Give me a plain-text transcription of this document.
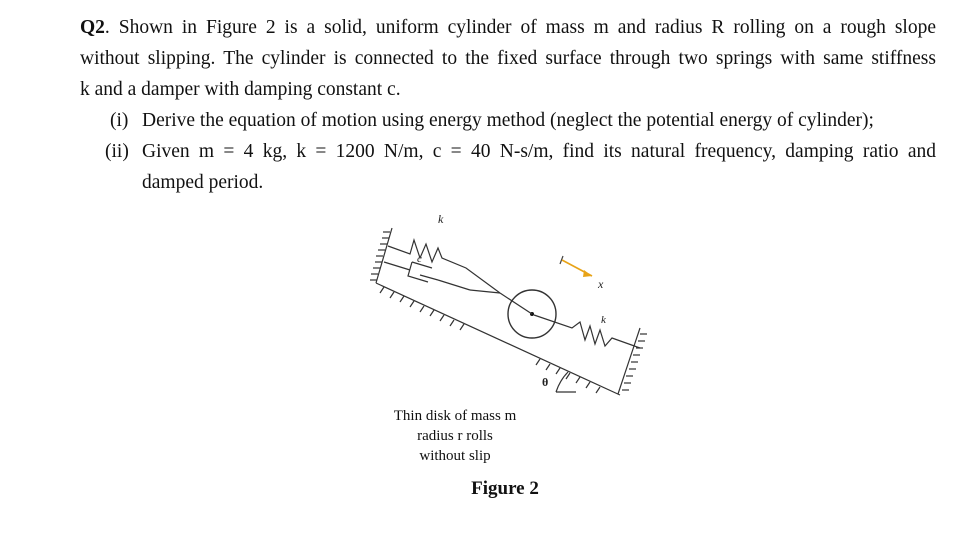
Q2. Shown in Figure 2 is a solid, uniform cylinder of mass m and radius R rolling on a rough slope
without slipping. The cylinder is connected to the fixed surface through two springs with same stiffness
k and a damper with damping constant c.
(i) Derive the equation of motion using energy method (neglect the potential energy of cylinder);
(ii) Given m = 4 kg, k = 1200 N/m, c = 40 N-s/m, find its natural frequency, damping ratio and
damped period.
k
c
k
x
θ
Thin disk of mass m
radius r rolls
without slip
Figure 2
